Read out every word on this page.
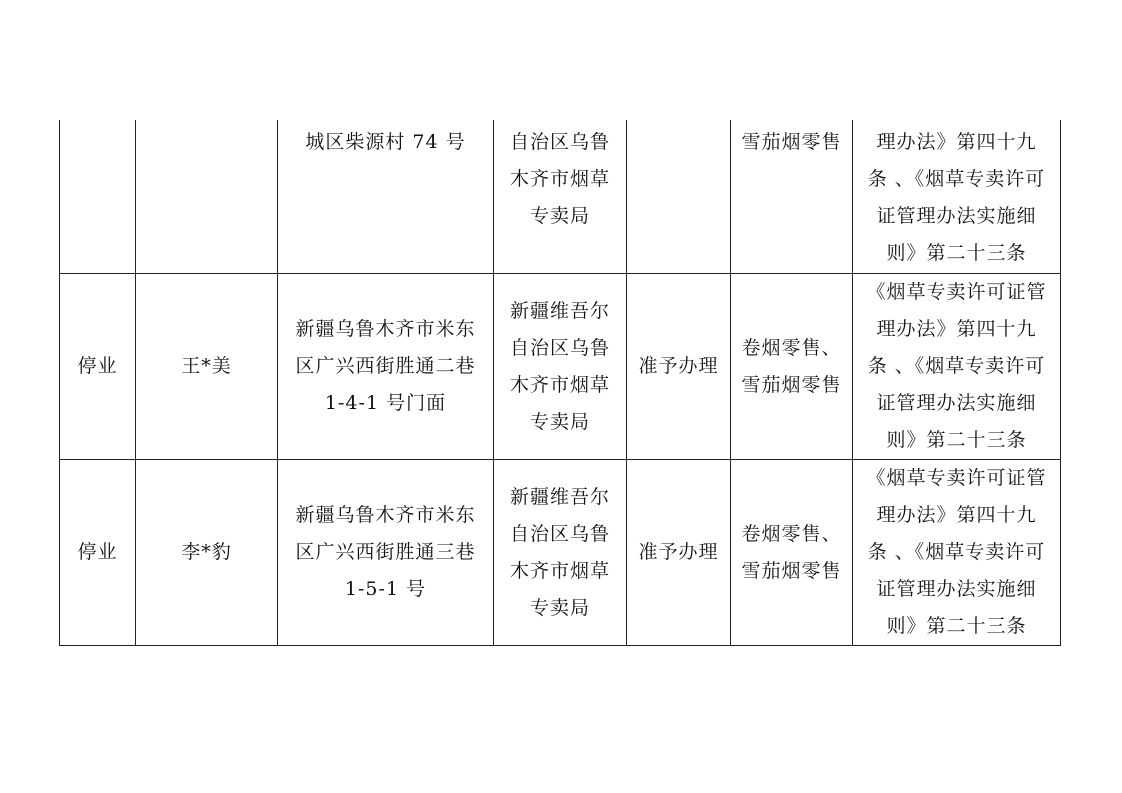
		城区柴源村 74 号	自治区乌鲁
木齐市烟草
专卖局		雪茄烟零售	理办法》第四十九
条 、《烟草专卖许可
证管理办法实施细
则》第二十三条

停业	王*美	新疆乌鲁木齐市米东
区广兴西街胜通二巷
1-4-1 号门面	新疆维吾尔
自治区乌鲁
木齐市烟草
专卖局	准予办理	卷烟零售、
雪茄烟零售	《烟草专卖许可证管
理办法》第四十九
条 、《烟草专卖许可
证管理办法实施细
则》第二十三条

停业	李*豹	新疆乌鲁木齐市米东
区广兴西街胜通三巷
1-5-1 号	新疆维吾尔
自治区乌鲁
木齐市烟草
专卖局	准予办理	卷烟零售、
雪茄烟零售	《烟草专卖许可证管
理办法》第四十九
条 、《烟草专卖许可
证管理办法实施细
则》第二十三条
